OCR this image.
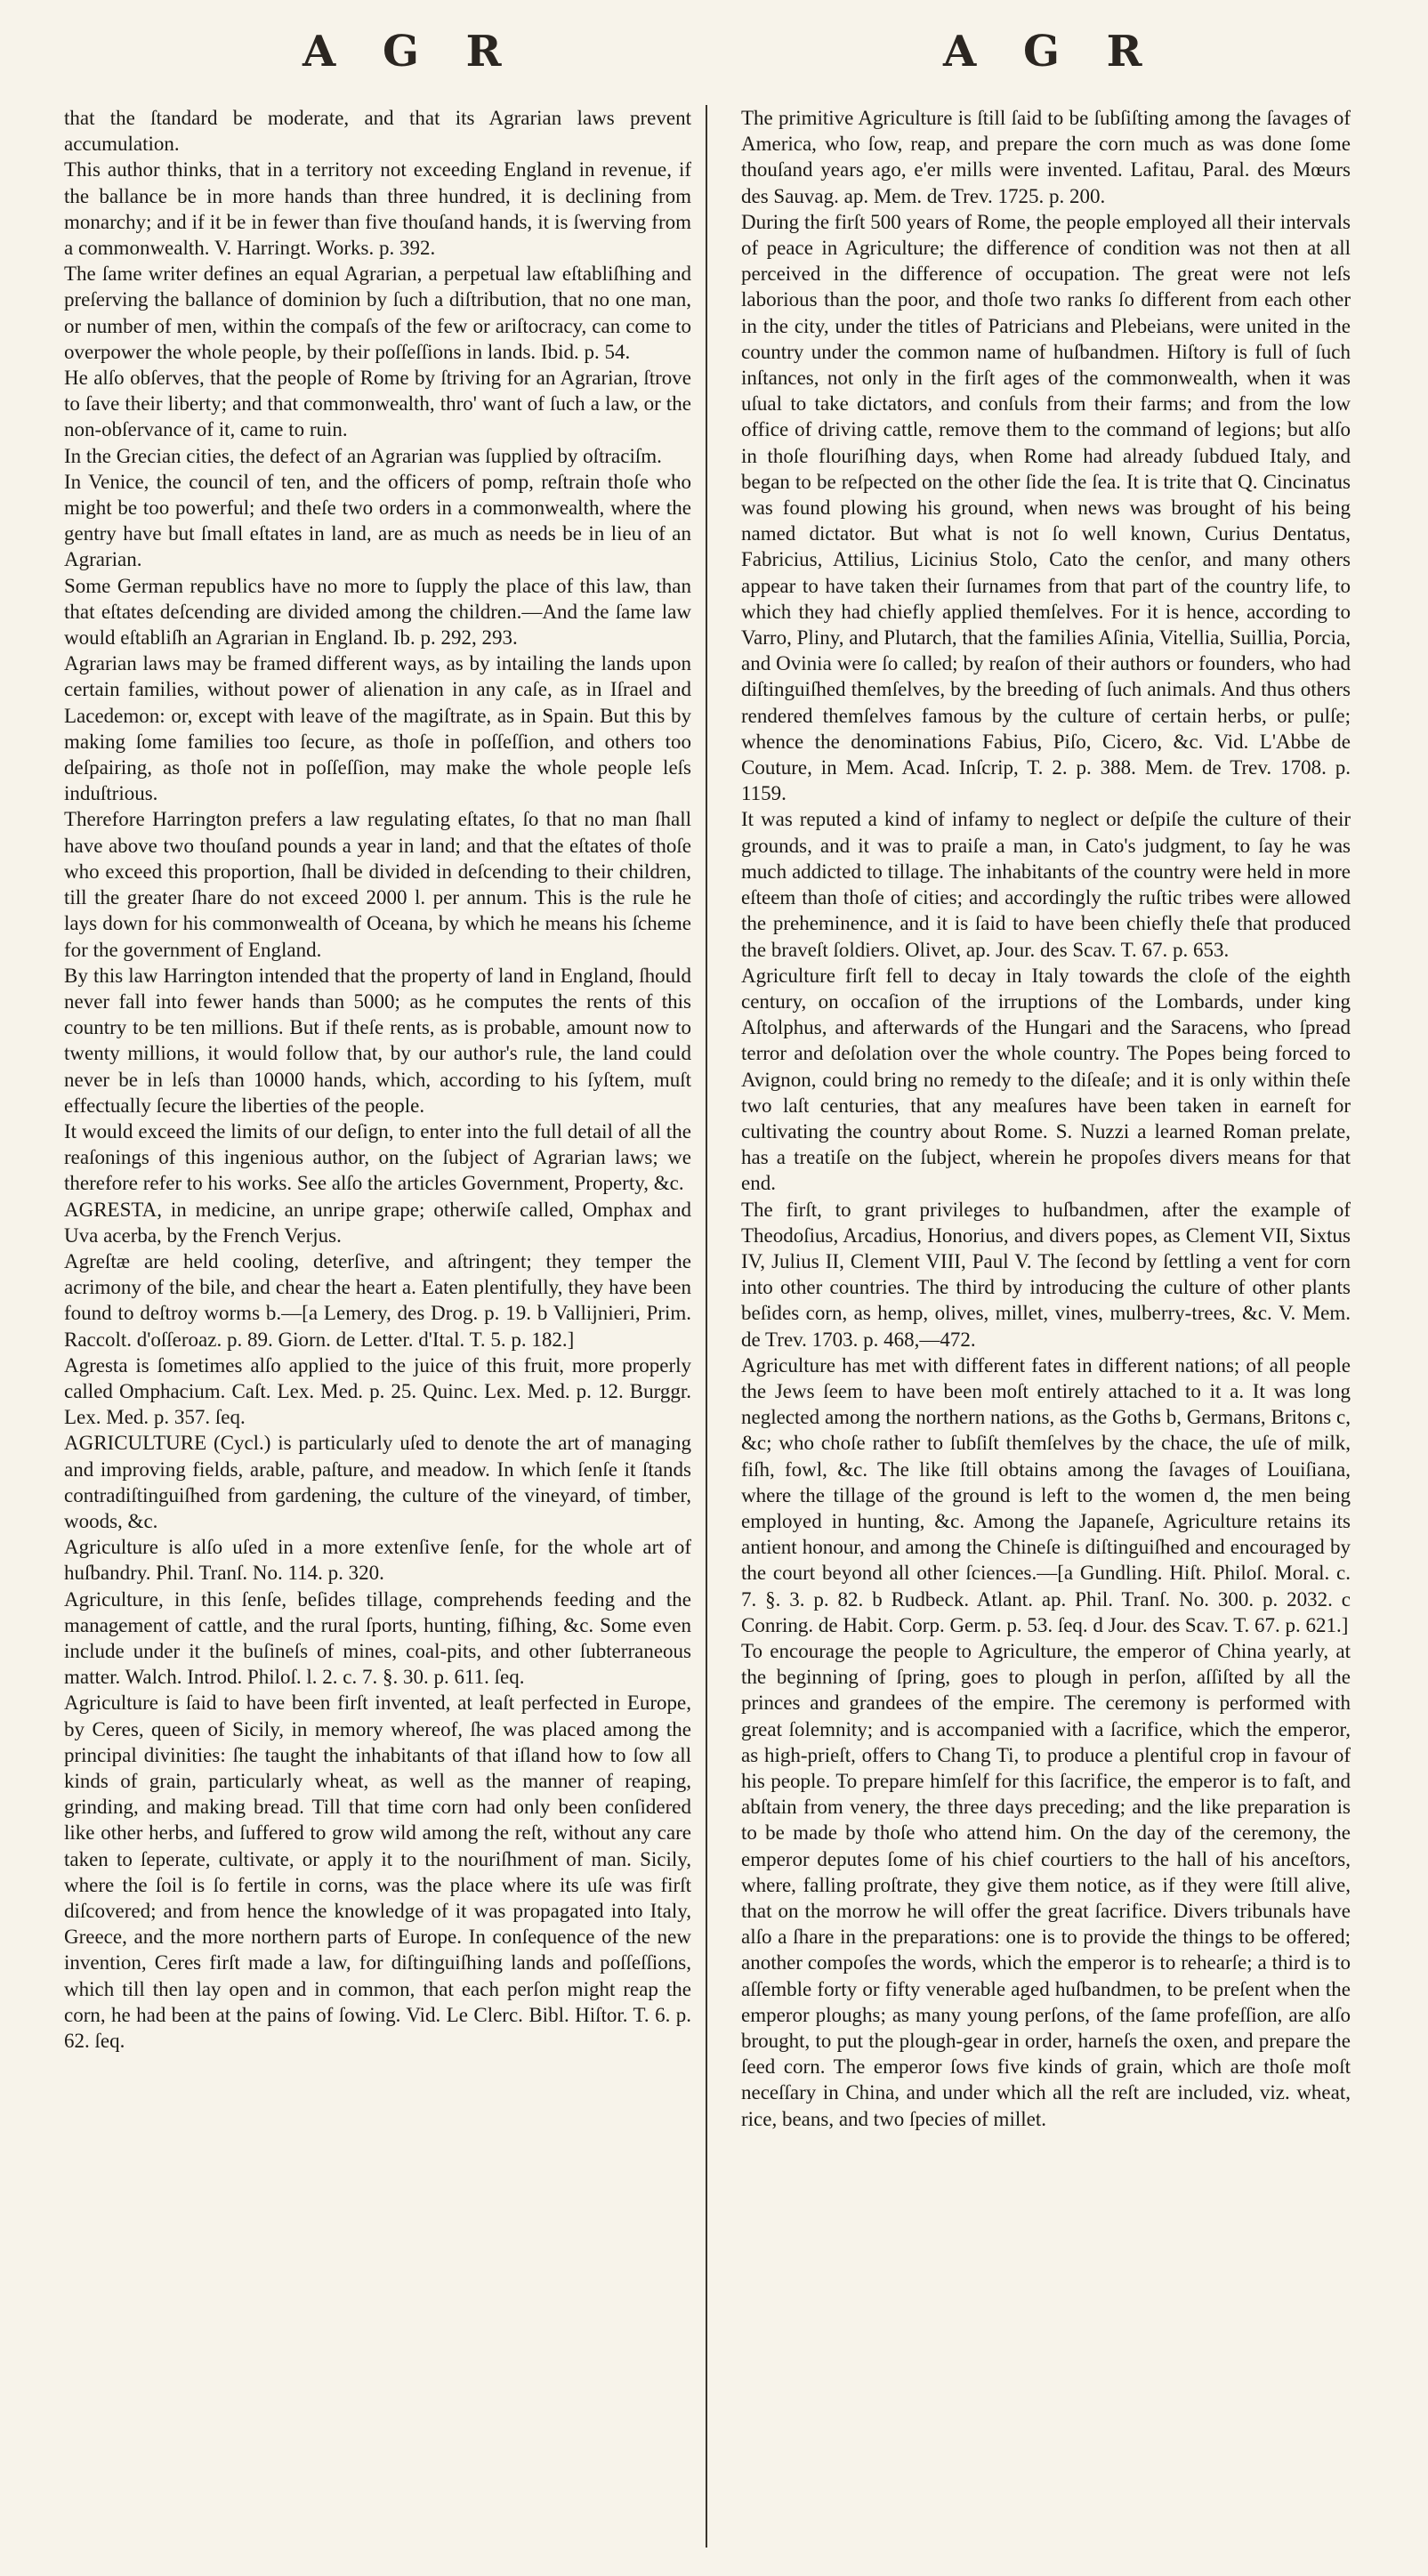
A G R	A G R

that the ſtandard be moderate, and that its Agrarian laws prevent accumulation.

This author thinks, that in a territory not exceeding England in revenue, if the ballance be in more hands than three hundred, it is declining from monarchy; and if it be in fewer than five thouſand hands, it is ſwerving from a commonwealth. V. Harringt. Works. p. 392.

The ſame writer defines an equal Agrarian, a perpetual law eſtabliſhing and preſerving the ballance of dominion by ſuch a diſtribution, that no one man, or number of men, within the compaſs of the few or ariſtocracy, can come to overpower the whole people, by their poſſeſſions in lands. Ibid. p. 54.

He alſo obſerves, that the people of Rome by ſtriving for an Agrarian, ſtrove to ſave their liberty; and that commonwealth, thro' want of ſuch a law, or the non-obſervance of it, came to ruin.

In the Grecian cities, the defect of an Agrarian was ſupplied by oſtraciſm.

In Venice, the council of ten, and the officers of pomp, reſtrain thoſe who might be too powerful; and theſe two orders in a commonwealth, where the gentry have but ſmall eſtates in land, are as much as needs be in lieu of an Agrarian.

Some German republics have no more to ſupply the place of this law, than that eſtates deſcending are divided among the children.—And the ſame law would eſtabliſh an Agrarian in England. Ib. p. 292, 293.

Agrarian laws may be framed different ways, as by intailing the lands upon certain families, without power of alienation in any caſe, as in Iſrael and Lacedemon: or, except with leave of the magiſtrate, as in Spain. But this by making ſome families too ſecure, as thoſe in poſſeſſion, and others too deſpairing, as thoſe not in poſſeſſion, may make the whole people leſs induſtrious.

Therefore Harrington prefers a law regulating eſtates, ſo that no man ſhall have above two thouſand pounds a year in land; and that the eſtates of thoſe who exceed this proportion, ſhall be divided in deſcending to their children, till the greater ſhare do not exceed 2000 l. per annum. This is the rule he lays down for his commonwealth of Oceana, by which he means his ſcheme for the government of England.

By this law Harrington intended that the property of land in England, ſhould never fall into fewer hands than 5000; as he computes the rents of this country to be ten millions. But if theſe rents, as is probable, amount now to twenty millions, it would follow that, by our author's rule, the land could never be in leſs than 10000 hands, which, according to his ſyſtem, muſt effectually ſecure the liberties of the people.

It would exceed the limits of our deſign, to enter into the full detail of all the reaſonings of this ingenious author, on the ſubject of Agrarian laws; we therefore refer to his works. See alſo the articles Government, Property, &c.

AGRESTA, in medicine, an unripe grape; otherwiſe called, Omphax and Uva acerba, by the French Verjus.

Agreſtæ are held cooling, deterſive, and aſtringent; they temper the acrimony of the bile, and chear the heart a. Eaten plentifully, they have been found to deſtroy worms b.—[a Lemery, des Drog. p. 19. b Vallijnieri, Prim. Raccolt. d'oſſeroaz. p. 89. Giorn. de Letter. d'Ital. T. 5. p. 182.]

Agresta is ſometimes alſo applied to the juice of this fruit, more properly called Omphacium. Caſt. Lex. Med. p. 25. Quinc. Lex. Med. p. 12. Burggr. Lex. Med. p. 357. ſeq.

AGRICULTURE (Cycl.) is particularly uſed to denote the art of managing and improving fields, arable, paſture, and meadow. In which ſenſe it ſtands contradiſtinguiſhed from gardening, the culture of the vineyard, of timber, woods, &c.

Agriculture is alſo uſed in a more extenſive ſenſe, for the whole art of huſbandry. Phil. Tranſ. No. 114. p. 320.

Agriculture, in this ſenſe, beſides tillage, comprehends feeding and the management of cattle, and the rural ſports, hunting, fiſhing, &c. Some even include under it the buſineſs of mines, coal-pits, and other ſubterraneous matter. Walch. Introd. Philoſ. l. 2. c. 7. §. 30. p. 611. ſeq.

Agriculture is ſaid to have been firſt invented, at leaſt perfected in Europe, by Ceres, queen of Sicily, in memory whereof, ſhe was placed among the principal divinities: ſhe taught the inhabitants of that iſland how to ſow all kinds of grain, particularly wheat, as well as the manner of reaping, grinding, and making bread. Till that time corn had only been conſidered like other herbs, and ſuffered to grow wild among the reſt, without any care taken to ſeperate, cultivate, or apply it to the nouriſhment of man. Sicily, where the ſoil is ſo fertile in corns, was the place where its uſe was firſt diſcovered; and from hence the knowledge of it was propagated into Italy, Greece, and the more northern parts of Europe. In conſequence of the new invention, Ceres firſt made a law, for diſtinguiſhing lands and poſſeſſions, which till then lay open and in common, that each perſon might reap the corn, he had been at the pains of ſowing. Vid. Le Clerc. Bibl. Hiſtor. T. 6. p. 62. ſeq.

The primitive Agriculture is ſtill ſaid to be ſubſiſting among the ſavages of America, who ſow, reap, and prepare the corn much as was done ſome thouſand years ago, e'er mills were invented. Lafitau, Paral. des Mœurs des Sauvag. ap. Mem. de Trev. 1725. p. 200.

During the firſt 500 years of Rome, the people employed all their intervals of peace in Agriculture; the difference of condition was not then at all perceived in the difference of occupation. The great were not leſs laborious than the poor, and thoſe two ranks ſo different from each other in the city, under the titles of Patricians and Plebeians, were united in the country under the common name of huſbandmen. Hiſtory is full of ſuch inſtances, not only in the firſt ages of the commonwealth, when it was uſual to take dictators, and conſuls from their farms; and from the low office of driving cattle, remove them to the command of legions; but alſo in thoſe flouriſhing days, when Rome had already ſubdued Italy, and began to be reſpected on the other ſide the ſea. It is trite that Q. Cincinatus was found plowing his ground, when news was brought of his being named dictator. But what is not ſo well known, Curius Dentatus, Fabricius, Attilius, Licinius Stolo, Cato the cenſor, and many others appear to have taken their ſurnames from that part of the country life, to which they had chiefly applied themſelves. For it is hence, according to Varro, Pliny, and Plutarch, that the families Aſinia, Vitellia, Suillia, Porcia, and Ovinia were ſo called; by reaſon of their authors or founders, who had diſtinguiſhed themſelves, by the breeding of ſuch animals. And thus others rendered themſelves famous by the culture of certain herbs, or pulſe; whence the denominations Fabius, Piſo, Cicero, &c. Vid. L'Abbe de Couture, in Mem. Acad. Inſcrip, T. 2. p. 388. Mem. de Trev. 1708. p. 1159.

It was reputed a kind of infamy to neglect or deſpiſe the culture of their grounds, and it was to praiſe a man, in Cato's judgment, to ſay he was much addicted to tillage. The inhabitants of the country were held in more eſteem than thoſe of cities; and accordingly the ruſtic tribes were allowed the preheminence, and it is ſaid to have been chiefly theſe that produced the braveſt ſoldiers. Olivet, ap. Jour. des Scav. T. 67. p. 653.

Agriculture firſt fell to decay in Italy towards the cloſe of the eighth century, on occaſion of the irruptions of the Lombards, under king Aſtolphus, and afterwards of the Hungari and the Saracens, who ſpread terror and deſolation over the whole country. The Popes being forced to Avignon, could bring no remedy to the diſeaſe; and it is only within theſe two laſt centuries, that any meaſures have been taken in earneſt for cultivating the country about Rome. S. Nuzzi a learned Roman prelate, has a treatiſe on the ſubject, wherein he propoſes divers means for that end.

The firſt, to grant privileges to huſbandmen, after the example of Theodoſius, Arcadius, Honorius, and divers popes, as Clement VII, Sixtus IV, Julius II, Clement VIII, Paul V. The ſecond by ſettling a vent for corn into other countries. The third by introducing the culture of other plants beſides corn, as hemp, olives, millet, vines, mulberry-trees, &c. V. Mem. de Trev. 1703. p. 468,—472.

Agriculture has met with different fates in different nations; of all people the Jews ſeem to have been moſt entirely attached to it a. It was long neglected among the northern nations, as the Goths b, Germans, Britons c, &c; who choſe rather to ſubſiſt themſelves by the chace, the uſe of milk, fiſh, fowl, &c. The like ſtill obtains among the ſavages of Louiſiana, where the tillage of the ground is left to the women d, the men being employed in hunting, &c. Among the Japaneſe, Agriculture retains its antient honour, and among the Chineſe is diſtinguiſhed and encouraged by the court beyond all other ſciences.—[a Gundling. Hiſt. Philoſ. Moral. c. 7. §. 3. p. 82. b Rudbeck. Atlant. ap. Phil. Tranſ. No. 300. p. 2032. c Conring. de Habit. Corp. Germ. p. 53. ſeq. d Jour. des Scav. T. 67. p. 621.]

To encourage the people to Agriculture, the emperor of China yearly, at the beginning of ſpring, goes to plough in perſon, aſſiſted by all the princes and grandees of the empire. The ceremony is performed with great ſolemnity; and is accompanied with a ſacrifice, which the emperor, as high-prieſt, offers to Chang Ti, to produce a plentiful crop in favour of his people. To prepare himſelf for this ſacrifice, the emperor is to faſt, and abſtain from venery, the three days preceding; and the like preparation is to be made by thoſe who attend him. On the day of the ceremony, the emperor deputes ſome of his chief courtiers to the hall of his anceſtors, where, falling proſtrate, they give them notice, as if they were ſtill alive, that on the morrow he will offer the great ſacrifice. Divers tribunals have alſo a ſhare in the preparations: one is to provide the things to be offered; another compoſes the words, which the emperor is to rehearſe; a third is to aſſemble forty or fifty venerable aged huſbandmen, to be preſent when the emperor ploughs; as many young perſons, of the ſame profeſſion, are alſo brought, to put the plough-gear in order, harneſs the oxen, and prepare the ſeed corn. The emperor ſows five kinds of grain, which are thoſe moſt neceſſary in China, and under which all the reſt are included, viz. wheat, rice, beans, and two ſpecies of millet.
